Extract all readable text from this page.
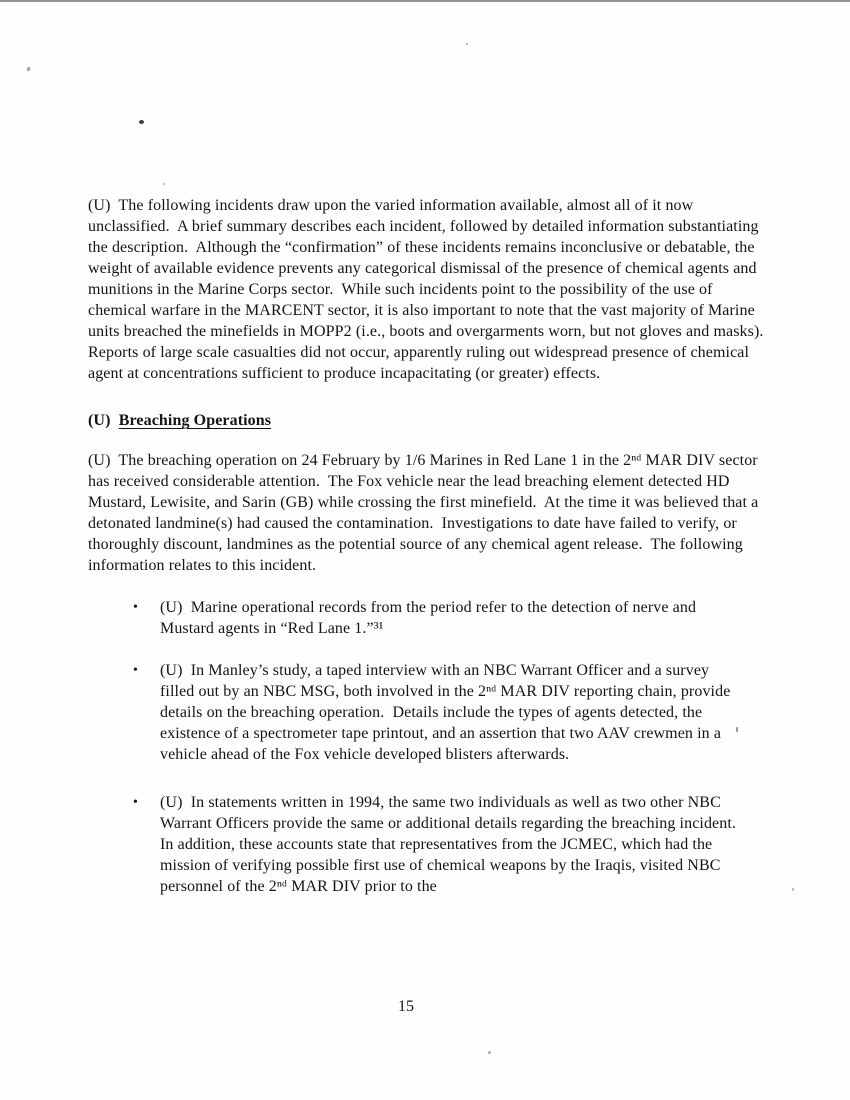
(U)  The following incidents draw upon the varied information available, almost all of it now unclassified.  A brief summary describes each incident, followed by detailed information substantiating the description.  Although the “confirmation” of these incidents remains inconclusive or debatable, the weight of available evidence prevents any categorical dismissal of the presence of chemical agents and munitions in the Marine Corps sector.  While such incidents point to the possibility of the use of chemical warfare in the MARCENT sector, it is also important to note that the vast majority of Marine units breached the minefields in MOPP2 (i.e., boots and overgarments worn, but not gloves and masks).  Reports of large scale casualties did not occur, apparently ruling out widespread presence of chemical agent at concentrations sufficient to produce incapacitating (or greater) effects.

(U)  Breaching Operations

(U)  The breaching operation on 24 February by 1/6 Marines in Red Lane 1 in the 2ⁿᵈ MAR DIV sector has received considerable attention.  The Fox vehicle near the lead breaching element detected HD Mustard, Lewisite, and Sarin (GB) while crossing the first minefield.  At the time it was believed that a detonated landmine(s) had caused the contamination.  Investigations to date have failed to verify, or thoroughly discount, landmines as the potential source of any chemical agent release.  The following information relates to this incident.

•	(U)  Marine operational records from the period refer to the detection of nerve and Mustard agents in “Red Lane 1.”³¹
•	(U)  In Manley’s study, a taped interview with an NBC Warrant Officer and a survey filled out by an NBC MSG, both involved in the 2ⁿᵈ MAR DIV reporting chain, provide details on the breaching operation.  Details include the types of agents detected, the existence of a spectrometer tape printout, and an assertion that two AAV crewmen in a vehicle ahead of the Fox vehicle developed blisters afterwards.
•	(U)  In statements written in 1994, the same two individuals as well as two other NBC Warrant Officers provide the same or additional details regarding the breaching incident.  In addition, these accounts state that representatives from the JCMEC, which had the mission of verifying possible first use of chemical weapons by the Iraqis, visited NBC personnel of the 2ⁿᵈ MAR DIV prior to the
15
